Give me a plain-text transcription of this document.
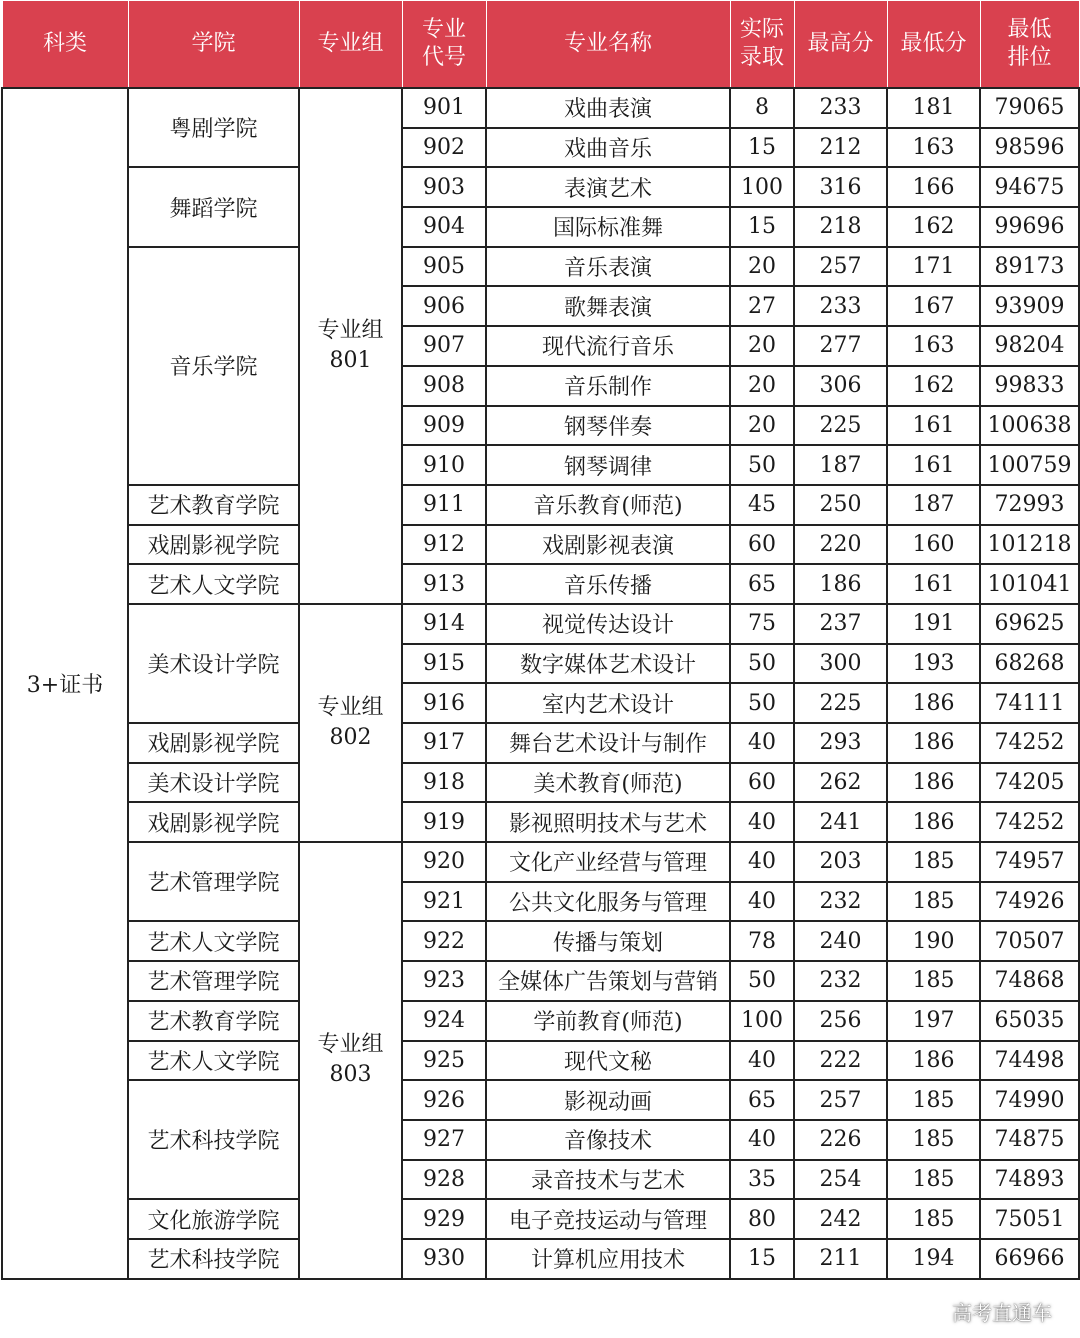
科类	学院	专业组	专业代号	专业名称	实际录取	最高分	最低分	最低排位

3+证书	粤剧学院	专业组801	901	戏曲表演	8	233	181	79065
			902	戏曲音乐	15	212	163	98596
	舞蹈学院		903	表演艺术	100	316	166	94675
			904	国际标准舞	15	218	162	99696
	音乐学院		905	音乐表演	20	257	171	89173
			906	歌舞表演	27	233	167	93909
			907	现代流行音乐	20	277	163	98204
			908	音乐制作	20	306	162	99833
			909	钢琴伴奏	20	225	161	100638
			910	钢琴调律	50	187	161	100759
	艺术教育学院		911	音乐教育(师范)	45	250	187	72993
	戏剧影视学院		912	戏剧影视表演	60	220	160	101218
	艺术人文学院		913	音乐传播	65	186	161	101041
	美术设计学院	专业组802	914	视觉传达设计	75	237	191	69625
			915	数字媒体艺术设计	50	300	193	68268
			916	室内艺术设计	50	225	186	74111
	戏剧影视学院		917	舞台艺术设计与制作	40	293	186	74252
	美术设计学院		918	美术教育(师范)	60	262	186	74205
	戏剧影视学院		919	影视照明技术与艺术	40	241	186	74252
	艺术管理学院	专业组803	920	文化产业经营与管理	40	203	185	74957
			921	公共文化服务与管理	40	232	185	74926
	艺术人文学院		922	传播与策划	78	240	190	70507
	艺术管理学院		923	全媒体广告策划与营销	50	232	185	74868
	艺术教育学院		924	学前教育(师范)	100	256	197	65035
	艺术人文学院		925	现代文秘	40	222	186	74498
	艺术科技学院		926	影视动画	65	257	185	74990
			927	音像技术	40	226	185	74875
			928	录音技术与艺术	35	254	185	74893
	文化旅游学院		929	电子竞技运动与管理	80	242	185	75051
	艺术科技学院		930	计算机应用技术	15	211	194	66966
高考直通车
